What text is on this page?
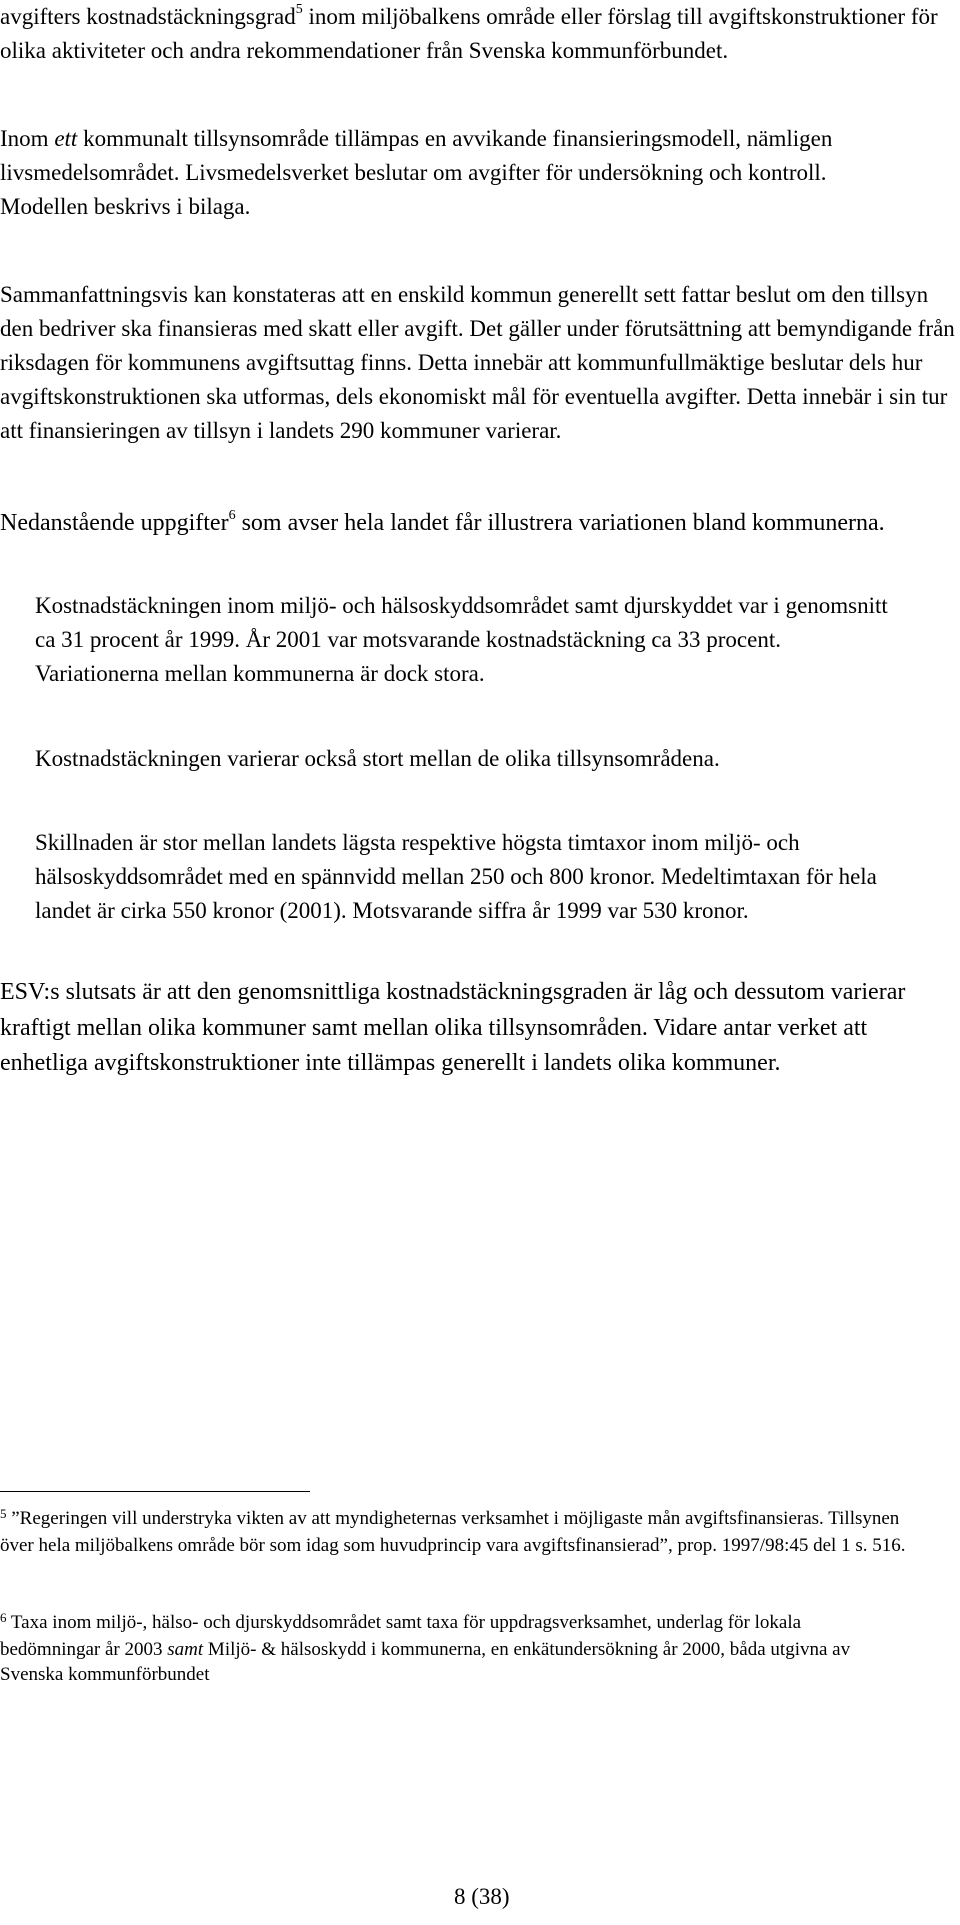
avgifters kostnadstäckningsgrad$^5$ inom miljöbalkens område eller förslag till avgiftskonstruktioner för olika aktiviteter och andra rekommendationer från Svenska kommunförbundet.

Inom ett kommunalt tillsynsområde tillämpas en avvikande finansieringsmodell, nämligen livsmedelsområdet. Livsmedelsverket beslutar om avgifter för undersökning och kontroll. Modellen beskrivs i bilaga.

Sammanfattningsvis kan konstateras att en enskild kommun generellt sett fattar beslut om den tillsyn den bedriver ska finansieras med skatt eller avgift. Det gäller under förutsättning att bemyndigande från riksdagen för kommunens avgiftsuttag finns. Detta innebär att kommunfullmäktige beslutar dels hur avgiftskonstruktionen ska utformas, dels ekonomiskt mål för eventuella avgifter. Detta innebär i sin tur att finansieringen av tillsyn i landets 290 kommuner varierar.

Nedanstående uppgifter$^6$ som avser hela landet får illustrera variationen bland kommunerna.

Kostnadstäckningen inom miljö- och hälsoskyddsområdet samt djurskyddet var i genomsnitt ca 31 procent år 1999. År 2001 var motsvarande kostnadstäckning ca 33 procent. Variationerna mellan kommunerna är dock stora.

Kostnadstäckningen varierar också stort mellan de olika tillsynsområdena.

Skillnaden är stor mellan landets lägsta respektive högsta timtaxor inom miljö- och hälsoskyddsområdet med en spännvidd mellan 250 och 800 kronor. Medeltimtaxan för hela landet är cirka 550 kronor (2001). Motsvarande siffra år 1999 var 530 kronor.

ESV:s slutsats är att den genomsnittliga kostnadstäckningsgraden är låg och dessutom varierar kraftigt mellan olika kommuner samt mellan olika tillsynsområden. Vidare antar verket att enhetliga avgiftskonstruktioner inte tillämpas generellt i landets olika kommuner.

$^5$ ”Regeringen vill understryka vikten av att myndigheternas verksamhet i möjligaste mån avgiftsfinansieras. Tillsynen över hela miljöbalkens område bör som idag som huvudprincip vara avgiftsfinansierad”, prop. 1997/98:45 del 1 s. 516.

$^6$ Taxa inom miljö-, hälso- och djurskyddsområdet samt taxa för uppdragsverksamhet, underlag för lokala bedömningar år 2003 samt Miljö- & hälsoskydd i kommunerna, en enkätundersökning år 2000, båda utgivna av Svenska kommunförbundet

8 (38)
